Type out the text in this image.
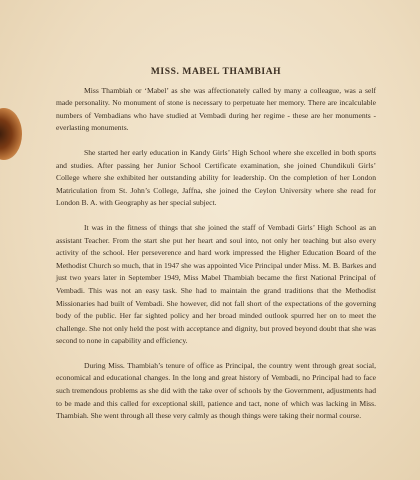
MISS. MABEL THAMBIAH

Miss Thambiah or ‘Mabel’ as she was affectionately called by many a colleague, was a self made personality. No monument of stone is necessary to perpetuate her memory. There are incalculable numbers of Vembadians who have studied at Vembadi during her regime - these are her monuments - everlasting monuments.

She started her early education in Kandy Girls’ High School where she excelled in both sports and studies. After passing her Junior School Certificate examination, she joined Chundikuli Girls’ College where she exhibited her outstanding ability for leadership. On the completion of her London Matriculation from St. John’s College, Jaffna, she joined the Ceylon University where she read for London B. A. with Geography as her special subject.

It was in the fitness of things that she joined the staff of Vembadi Girls’ High School as an assistant Teacher. From the start she put her heart and soul into, not only her teaching but also every activity of the school. Her perseverence and hard work impressed the Higher Education Board of the Methodist Church so much, that in 1947 she was appointed Vice Principal under Miss. M. B. Barkes and just two years later in September 1949, Miss Mabel Thambiah became the first National Principal of Vembadi. This was not an easy task. She had to maintain the grand traditions that the Methodist Missionaries had built of Vembadi. She however, did not fall short of the expectations of the governing body of the public. Her far sighted policy and her broad minded outlook spurred her on to meet the challenge. She not only held the post with acceptance and dignity, but proved beyond doubt that she was second to none in capability and efficiency.

During Miss. Thambiah’s tenure of office as Principal, the country went through great social, economical and educational changes. In the long and great history of Vembadi, no Principal had to face such tremendous problems as she did with the take over of schools by the Government, adjustments had to be made and this called for exceptional skill, patience and tact, none of which was lacking in Miss. Thambiah. She went through all these very calmly as though things were taking their normal course.
